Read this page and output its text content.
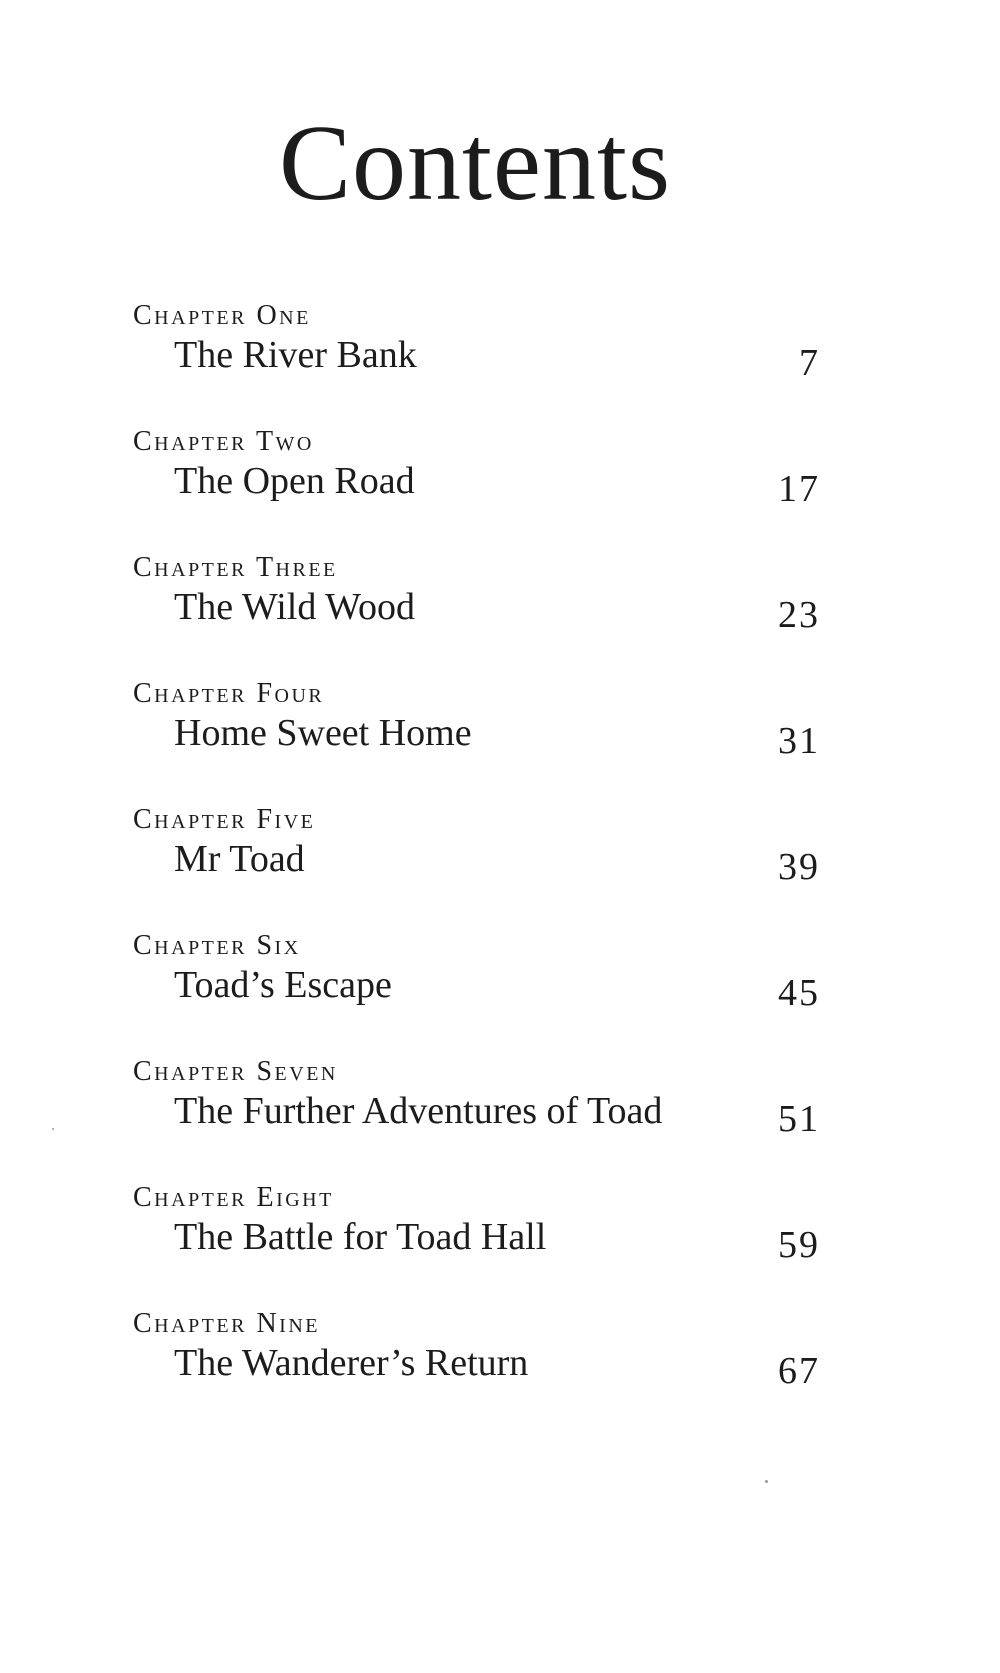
Contents
Chapter One
The River Bank	7
Chapter Two
The Open Road	17
Chapter Three
The Wild Wood	23
Chapter Four
Home Sweet Home	31
Chapter Five
Mr Toad	39
Chapter Six
Toad’s Escape	45
Chapter Seven
The Further Adventures of Toad	51
Chapter Eight
The Battle for Toad Hall	59
Chapter Nine
The Wanderer’s Return	67
